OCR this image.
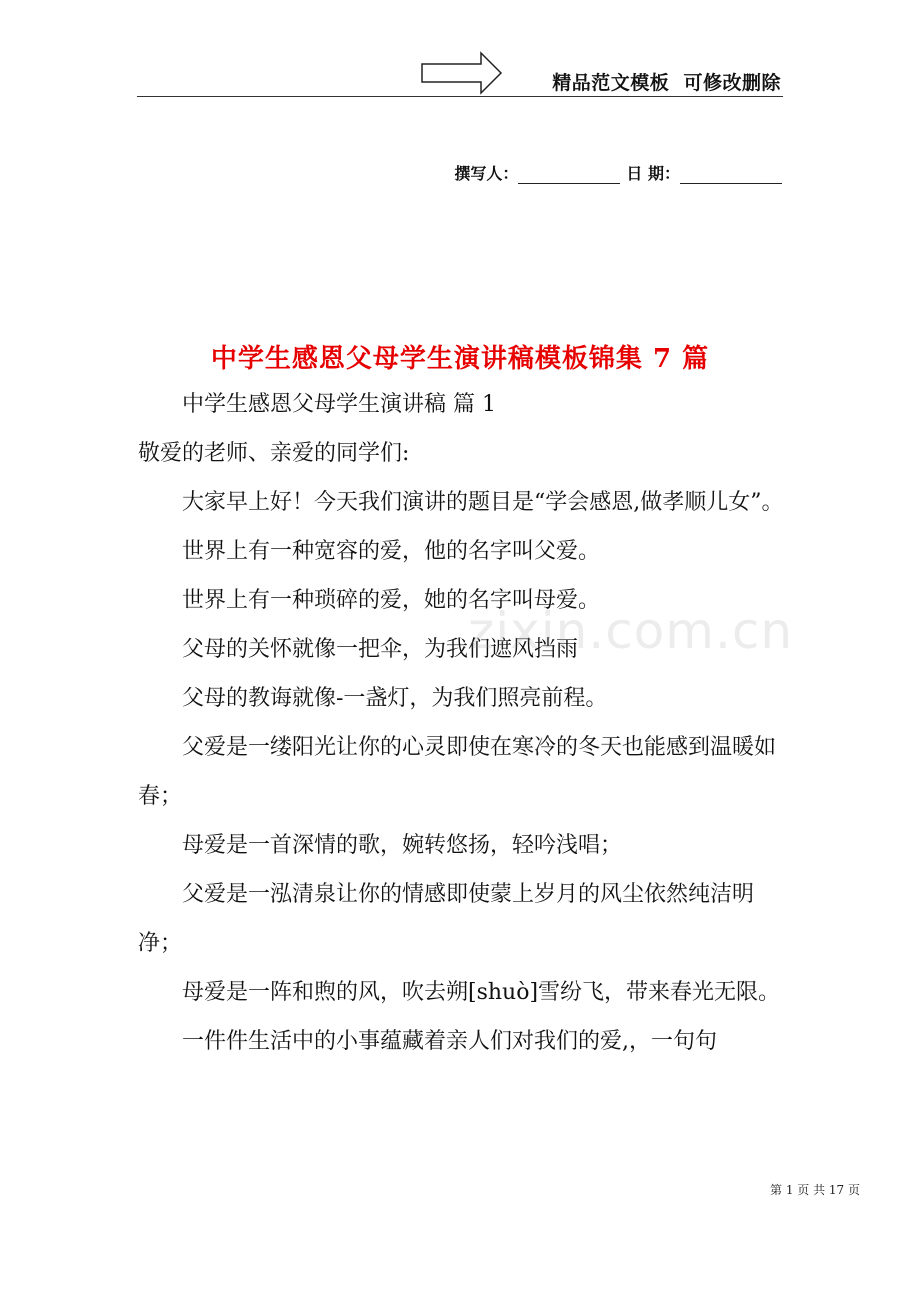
精品范文模板  可修改删除
撰写人：	日 期：
中学生感恩父母学生演讲稿模板锦集 7 篇

中学生感恩父母学生演讲稿 篇 1

敬爱的老师、亲爱的同学们:

大家早上好！今天我们演讲的题目是“学会感恩,做孝顺儿女”。

世界上有一种宽容的爱，他的名字叫父爱。

世界上有一种琐碎的爱，她的名字叫母爱。

父母的关怀就像一把伞，为我们遮风挡雨

父母的教诲就像-一盏灯，为我们照亮前程。

父爱是一缕阳光让你的心灵即使在寒冷的冬天也能感到温暖如春；

母爱是一首深情的歌，婉转悠扬，轻吟浅唱；

父爱是一泓清泉让你的情感即使蒙上岁月的风尘依然纯洁明净；

母爱是一阵和煦的风，吹去朔[shuò]雪纷飞，带来春光无限。

一件件生活中的小事蕴藏着亲人们对我们的爱,，一句句

zixin.com.cn
第 1 页 共 17 页
